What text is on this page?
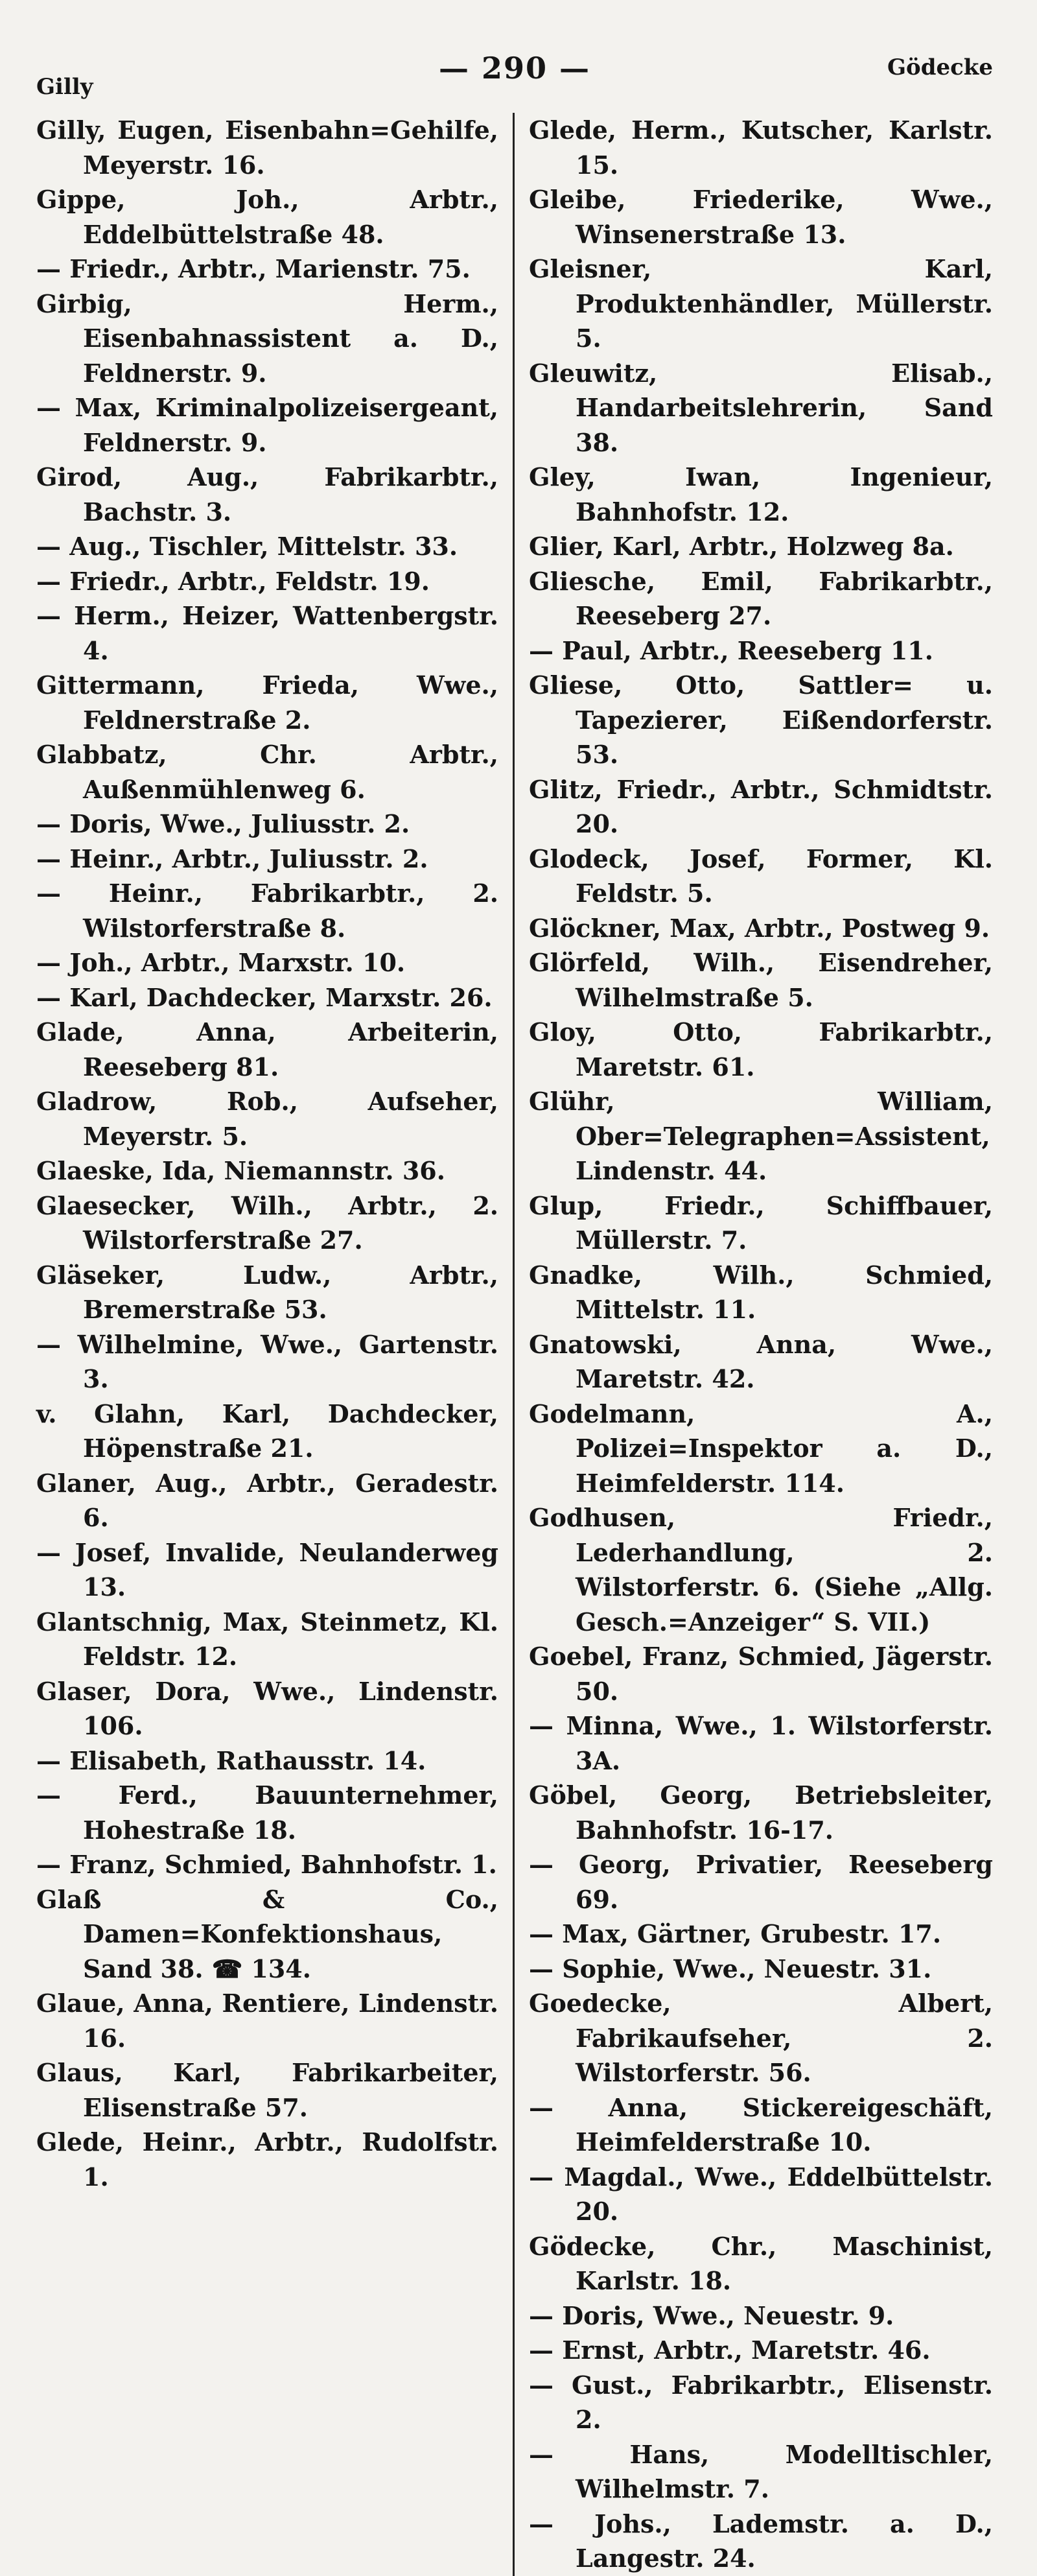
Gilly
— 290 —	Gödecke

Gilly, Eugen, Eisenbahn=Gehilfe, Meyerstr. 16.

Gippe, Joh., Arbtr., Eddelbüttelstraße 48.

— Friedr., Arbtr., Marienstr. 75.

Girbig, Herm., Eisenbahnassistent a. D., Feldnerstr. 9.

— Max, Kriminalpolizeisergeant, Feldnerstr. 9.

Girod, Aug., Fabrikarbtr., Bachstr. 3.

— Aug., Tischler, Mittelstr. 33.

— Friedr., Arbtr., Feldstr. 19.

— Herm., Heizer, Wattenbergstr. 4.

Gittermann, Frieda, Wwe., Feldnerstraße 2.

Glabbatz, Chr. Arbtr., Außenmühlenweg 6.

— Doris, Wwe., Juliusstr. 2.

— Heinr., Arbtr., Juliusstr. 2.

— Heinr., Fabrikarbtr., 2. Wilstorferstraße 8.

— Joh., Arbtr., Marxstr. 10.

— Karl, Dachdecker, Marxstr. 26.

Glade, Anna, Arbeiterin, Reeseberg 81.

Gladrow, Rob., Aufseher, Meyerstr. 5.

Glaeske, Ida, Niemannstr. 36.

Glaesecker, Wilh., Arbtr., 2. Wilstorferstraße 27.

Gläseker, Ludw., Arbtr., Bremerstraße 53.

— Wilhelmine, Wwe., Gartenstr. 3.

v. Glahn, Karl, Dachdecker, Höpenstraße 21.

Glaner, Aug., Arbtr., Geradestr. 6.

— Josef, Invalide, Neulanderweg 13.

Glantschnig, Max, Steinmetz, Kl. Feldstr. 12.

Glaser, Dora, Wwe., Lindenstr. 106.

— Elisabeth, Rathausstr. 14.

— Ferd., Bauunternehmer, Hohestraße 18.

— Franz, Schmied, Bahnhofstr. 1.

Glaß & Co., Damen=Konfektionshaus, Sand 38. ☎ 134.

Glaue, Anna, Rentiere, Lindenstr. 16.

Glaus, Karl, Fabrikarbeiter, Elisenstraße 57.

Glede, Heinr., Arbtr., Rudolfstr. 1.

Glede, Herm., Kutscher, Karlstr. 15.

Gleibe, Friederike, Wwe., Winsenerstraße 13.

Gleisner, Karl, Produktenhändler, Müllerstr. 5.

Gleuwitz, Elisab., Handarbeitslehrerin, Sand 38.

Gley, Iwan, Ingenieur, Bahnhofstr. 12.

Glier, Karl, Arbtr., Holzweg 8a.

Gliesche, Emil, Fabrikarbtr., Reeseberg 27.

— Paul, Arbtr., Reeseberg 11.

Gliese, Otto, Sattler= u. Tapezierer, Eißendorferstr. 53.

Glitz, Friedr., Arbtr., Schmidtstr. 20.

Glodeck, Josef, Former, Kl. Feldstr. 5.

Glöckner, Max, Arbtr., Postweg 9.

Glörfeld, Wilh., Eisendreher, Wilhelmstraße 5.

Gloy, Otto, Fabrikarbtr., Maretstr. 61.

Glühr, William, Ober=Telegraphen=Assistent, Lindenstr. 44.

Glup, Friedr., Schiffbauer, Müllerstr. 7.

Gnadke, Wilh., Schmied, Mittelstr. 11.

Gnatowski, Anna, Wwe., Maretstr. 42.

Godelmann, A., Polizei=Inspektor a. D., Heimfelderstr. 114.

Godhusen, Friedr., Lederhandlung, 2. Wilstorferstr. 6. (Siehe „Allg. Gesch.=Anzeiger“ S. VII.)

Goebel, Franz, Schmied, Jägerstr. 50.

— Minna, Wwe., 1. Wilstorferstr. 3A.

Göbel, Georg, Betriebsleiter, Bahnhofstr. 16-17.

— Georg, Privatier, Reeseberg 69.

— Max, Gärtner, Grubestr. 17.

— Sophie, Wwe., Neuestr. 31.

Goedecke, Albert, Fabrikaufseher, 2. Wilstorferstr. 56.

— Anna, Stickereigeschäft, Heimfelderstraße 10.

— Magdal., Wwe., Eddelbüttelstr. 20.

Gödecke, Chr., Maschinist, Karlstr. 18.

— Doris, Wwe., Neuestr. 9.

— Ernst, Arbtr., Maretstr. 46.

— Gust., Fabrikarbtr., Elisenstr. 2.

— Hans, Modelltischler, Wilhelmstr. 7.

— Johs., Lademstr. a. D., Langestr. 24.
